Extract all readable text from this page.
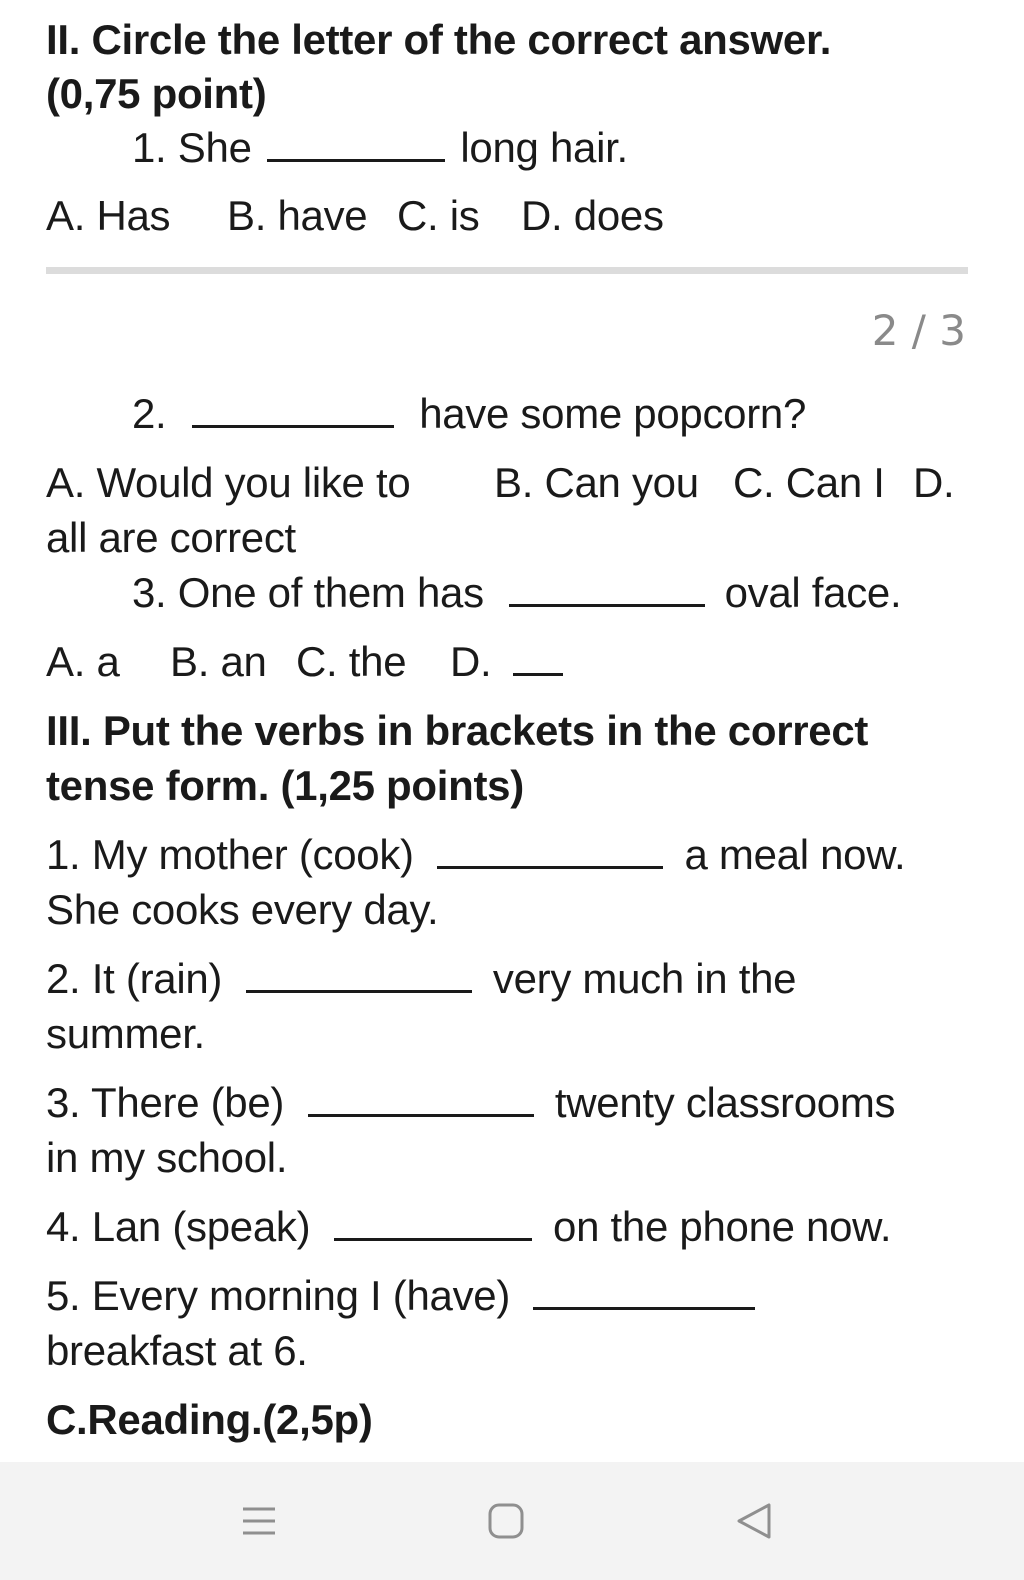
II. Circle the letter of the correct answer.
(0,75 point)
1. She	long hair.
A. Has B. have C. is D. does
2 / 3
2.	have some popcorn?
A. Would you like to B. Can you C. Can I D.
all are correct
3. One of them has	oval face.
A. a B. an C. the D.
III. Put the verbs in brackets in the correct
tense form. (1,25 points)
1. My mother (cook)	a meal now.
She cooks every day.
2. It (rain)	very much in the
summer.
3. There (be)	twenty classrooms
in my school.
4. Lan (speak)	on the phone now.
5. Every morning I (have)
breakfast at 6.
C.Reading.(2,5p)
